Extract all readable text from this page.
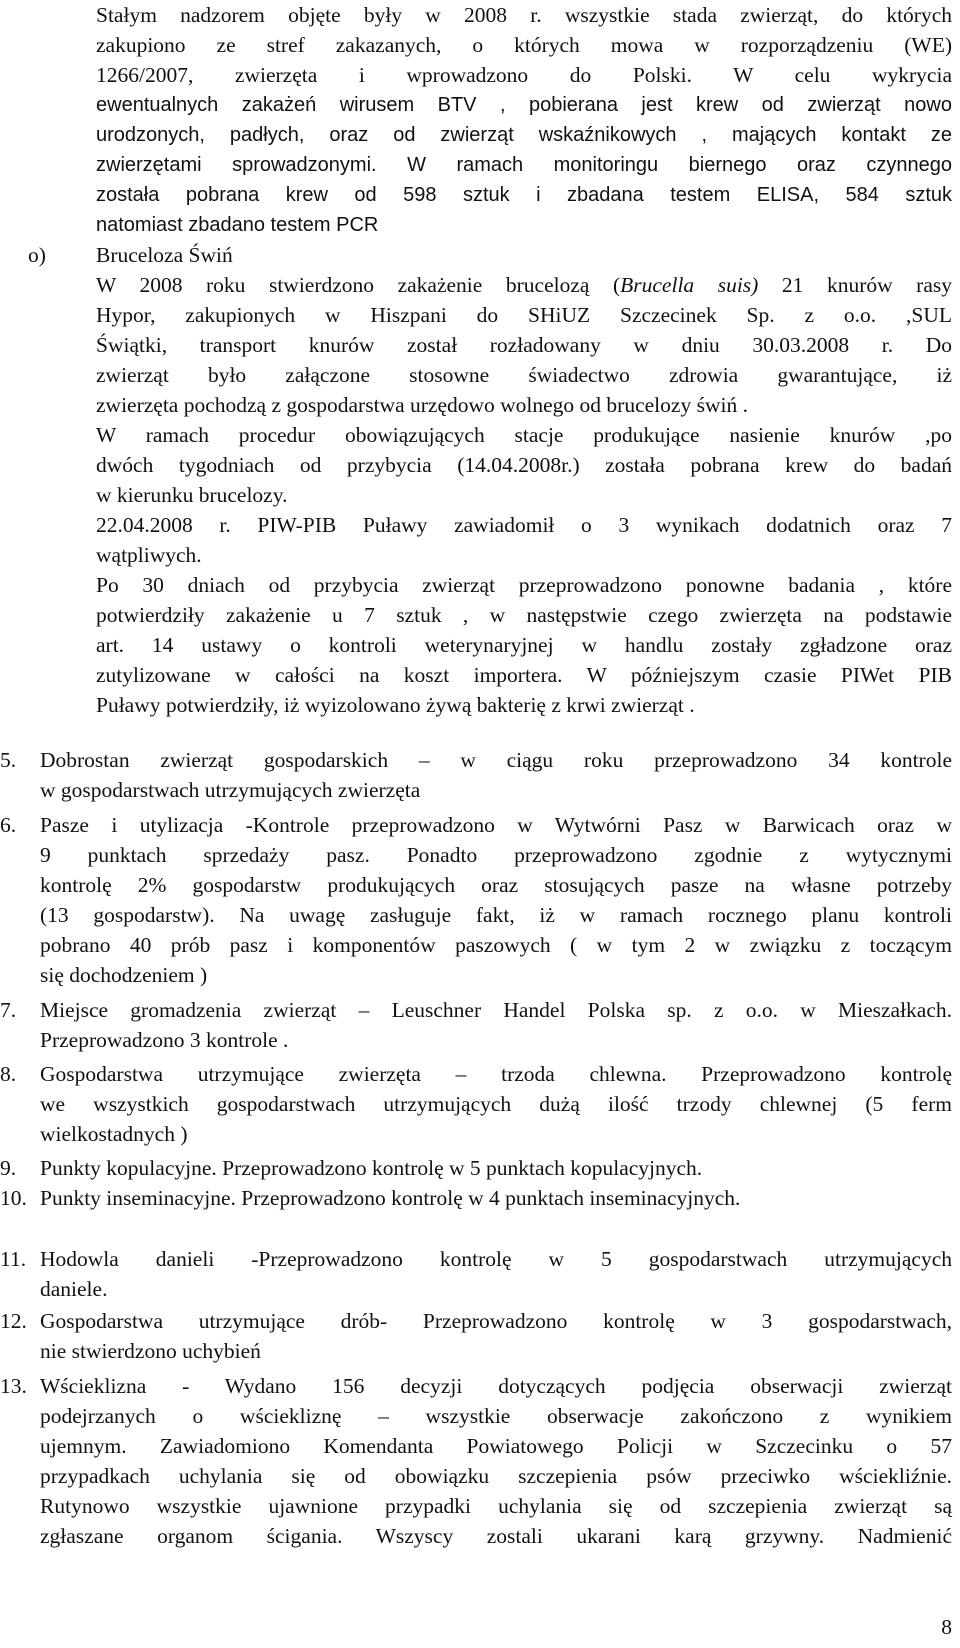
Stałym nadzorem objęte były w 2008 r. wszystkie stada zwierząt, do których
zakupiono ze stref zakazanych, o których mowa w rozporządzeniu (WE)
1266/2007, zwierzęta i wprowadzono do Polski. W celu wykrycia
ewentualnych zakażeń wirusem BTV , pobierana jest krew od zwierząt nowo
urodzonych, padłych, oraz od zwierząt wskaźnikowych , mających kontakt ze
zwierzętami sprowadzonymi. W ramach monitoringu biernego oraz czynnego
została pobrana krew od 598 sztuk i zbadana testem ELISA, 584 sztuk
natomiast zbadano testem PCR
o) Bruceloza Świń
W 2008 roku stwierdzono zakażenie brucelozą (Brucella suis) 21 knurów rasy
Hypor, zakupionych w Hiszpani do SHiUZ Szczecinek Sp. z o.o. ,SUL
Świątki, transport knurów został rozładowany w dniu 30.03.2008 r. Do
zwierząt było załączone stosowne świadectwo zdrowia gwarantujące, iż
zwierzęta pochodzą z gospodarstwa urzędowo wolnego od brucelozy świń .
W ramach procedur obowiązujących stacje produkujące nasienie knurów ,po
dwóch tygodniach od przybycia (14.04.2008r.) została pobrana krew do badań
w kierunku brucelozy.
22.04.2008 r. PIW-PIB Puławy zawiadomił o 3 wynikach dodatnich oraz 7
wątpliwych.
Po 30 dniach od przybycia zwierząt przeprowadzono ponowne badania , które
potwierdziły zakażenie u 7 sztuk , w następstwie czego zwierzęta na podstawie
art. 14 ustawy o kontroli weterynaryjnej w handlu zostały zgładzone oraz
zutylizowane w całości na koszt importera. W późniejszym czasie PIWet PIB
Puławy potwierdziły, iż wyizolowano żywą bakterię z krwi zwierząt .
5.	Dobrostan zwierząt gospodarskich – w ciągu roku przeprowadzono 34 kontrole
w gospodarstwach utrzymujących zwierzęta
6.	Pasze i utylizacja -Kontrole przeprowadzono w Wytwórni Pasz w Barwicach oraz w
9 punktach sprzedaży pasz. Ponadto przeprowadzono zgodnie z wytycznymi
kontrolę 2% gospodarstw produkujących oraz stosujących pasze na własne potrzeby
(13 gospodarstw). Na uwagę zasługuje fakt, iż w ramach rocznego planu kontroli
pobrano 40 prób pasz i komponentów paszowych ( w tym 2 w związku z toczącym
się dochodzeniem )
7.	Miejsce gromadzenia zwierząt – Leuschner Handel Polska sp. z o.o. w Mieszałkach.
Przeprowadzono 3 kontrole .
8.	Gospodarstwa utrzymujące zwierzęta – trzoda chlewna. Przeprowadzono kontrolę
we wszystkich gospodarstwach utrzymujących dużą ilość trzody chlewnej (5 ferm
wielkostadnych )
9.	Punkty kopulacyjne. Przeprowadzono kontrolę w 5 punktach kopulacyjnych.
10. Punkty inseminacyjne. Przeprowadzono kontrolę w 4 punktach inseminacyjnych.
11. Hodowla danieli -Przeprowadzono kontrolę w 5 gospodarstwach utrzymujących
daniele.
12. Gospodarstwa utrzymujące drób- Przeprowadzono kontrolę w 3 gospodarstwach,
nie stwierdzono uchybień
13. Wścieklizna - Wydano 156 decyzji dotyczących podjęcia obserwacji zwierząt
podejrzanych o wściekliznę – wszystkie obserwacje zakończono z wynikiem
ujemnym. Zawiadomiono Komendanta Powiatowego Policji w Szczecinku o 57
przypadkach uchylania się od obowiązku szczepienia psów przeciwko wściekliźnie.
Rutynowo wszystkie ujawnione przypadki uchylania się od szczepienia zwierząt są
zgłaszane organom ścigania. Wszyscy zostali ukarani karą grzywny. Nadmienić
8
